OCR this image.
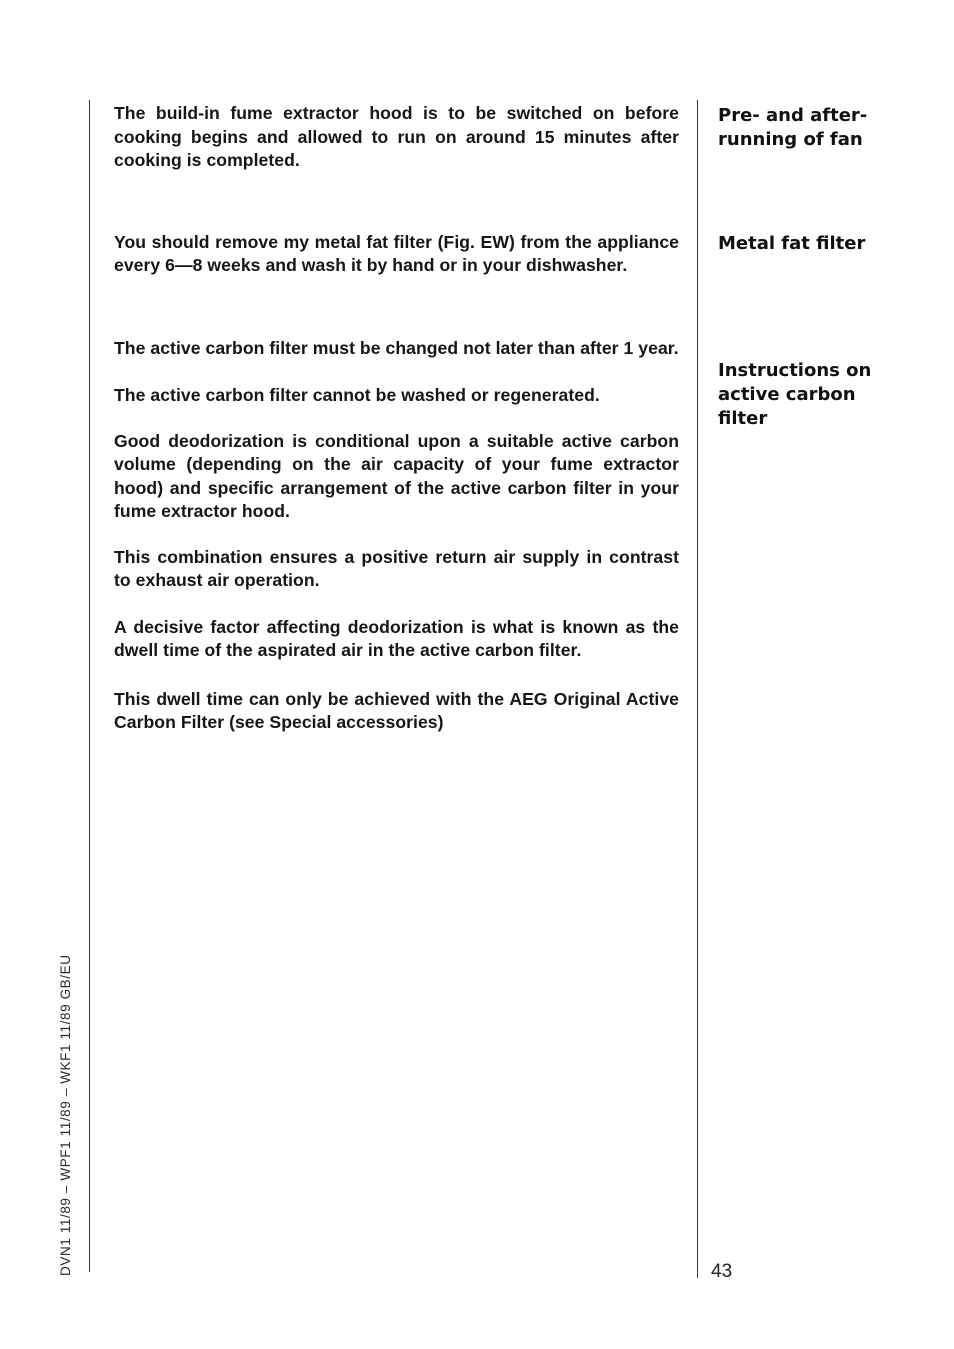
The build-in fume extractor hood is to be switched on before cooking begins and allowed to run on around 15 minutes after cooking is completed.

You should remove my metal fat filter (Fig. EW) from the appliance every 6—8 weeks and wash it by hand or in your dishwasher.

The active carbon filter must be changed not later than after 1 year.

The active carbon filter cannot be washed or regenerated.

Good deodorization is conditional upon a suitable active carbon volume (depending on the air capacity of your fume extractor hood) and specific arrangement of the active carbon filter in your fume extractor hood.

This combination ensures a positive return air supply in contrast to exhaust air operation.

A decisive factor affecting deodorization is what is known as the dwell time of the aspirated air in the active carbon filter.

This dwell time can only be achieved with the AEG Original Active Carbon Filter (see Special accessories)

Pre- and after-running of fan
Metal fat filter
Instructions on active carbon filter
DVN1 11/89 – WPF1 11/89 – WKF1 11/89 GB/EU	43
